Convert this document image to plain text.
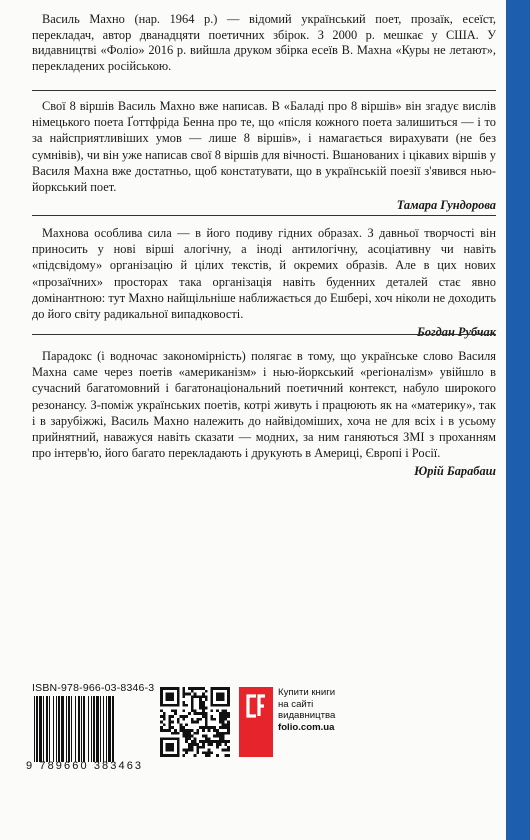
Василь Махно (нар. 1964 р.) — відомий український поет, прозаїк, есеїст, перекладач, автор дванадцяти поетичних збірок. З 2000 р. мешкає у США. У видавництві «Фоліо» 2016 р. вийшла друком збірка есеїв В. Махна «Куры не летают», перекладених російською.

Свої 8 віршів Василь Махно вже написав. В «Баладі про 8 віршів» він згадує вислів німецького поета Ґоттфріда Бенна про те, що «після кожного поета залишиться — і то за найсприятливіших умов — лише 8 віршів», і намагається вирахувати (не без сумнівів), чи він уже написав свої 8 віршів для вічності. Вшанованих і цікавих віршів у Василя Махна вже достатньо, щоб констатувати, що в українській поезії з'явився нью-йоркський поет.

Тамара Гундорова

Махнова особлива сила — в його подиву гідних образах. З давньої творчості він приносить у нові вірші алогічну, а іноді антилогічну, асоціативну чи навіть «підсвідому» організацію й цілих текстів, й окремих образів. Але в цих нових «прозаїчних» просторах така організація навіть буденних деталей стає явно домінантною: тут Махно найщільніше наближається до Ешбері, хоч ніколи не доходить до його світу радикальної випадковості.

Богдан Рубчак

Парадокс (і водночас закономірність) полягає в тому, що українське слово Василя Махна саме через поетів «американізм» і нью-йоркський «регіоналізм» увійшло в сучасний багатомовний і багатонаціональний поетичний контекст, набуло широкого резонансу. З-поміж українських поетів, котрі живуть і працюють як на «материку», так і в зарубіжжі, Василь Махно належить до найвідоміших, хоча не для всіх і в усьому прийнятний, наважуся навіть сказати — модних, за ним ганяються ЗМІ з проханням про інтерв'ю, його багато перекладають і друкують в Америці, Європі і Росії.

Юрій Барабаш
ISBN-978-966-03-8346-3
9 789660 383463
Купити книги
на сайті
видавництва
folio.com.ua
